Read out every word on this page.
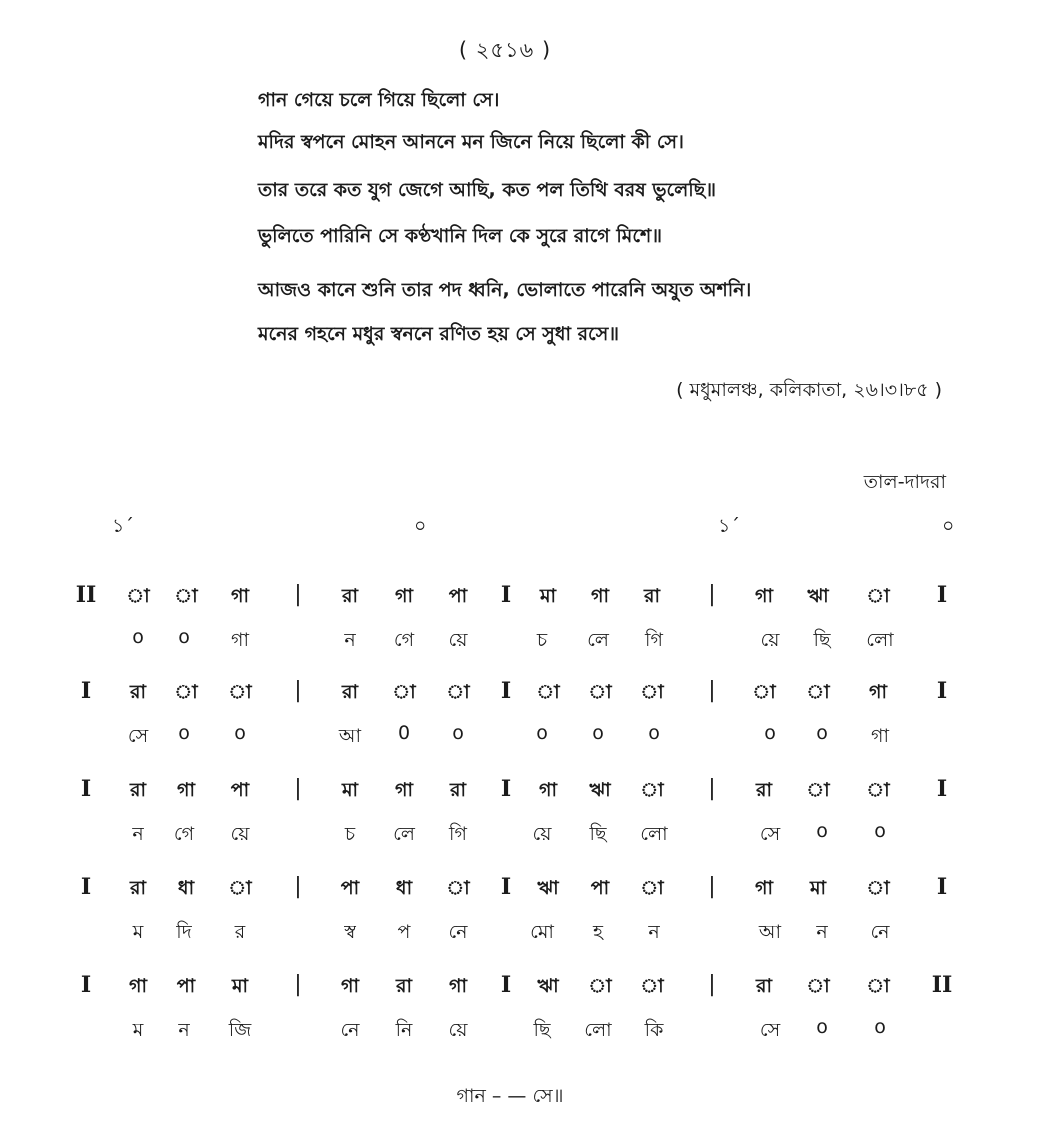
( ২৫১৬ )
গান গেয়ে চলে গিয়ে ছিলো সে।
মদির স্বপনে মোহন আননে মন জিনে নিয়ে ছিলো কী সে।
তার তরে কত যুগ জেগে আছি, কত পল তিথি বরষ ভুলেছি॥
ভুলিতে পারিনি সে কণ্ঠখানি দিল কে সুরে রাগে মিশে॥
আজও কানে শুনি তার পদ ধ্বনি, ভোলাতে পারেনি অযুত অশনি।
মনের গহনে মধুর স্বননে রণিত হয় সে সুধা রসে॥
( মধুমালঞ্চ, কলিকাতা, ২৬।৩।৮৫ )
তাল-দাদরা
১´	০	১´	০
II া া গা | রা গা পা I মা গা রা | গা ঋা া I
o o গা	ন গে য়ে	চ লে গি	য়ে ছি লো
I রা া া | রা া া I া া া | া া গা I
সে o o	আ 0 o	o o o	o o গা
I রা গা পা | মা গা রা I গা ঋা া | রা া া I
ন গে য়ে	চ লে গি	য়ে ছি লো	সে o o
I রা ধা া | পা ধা া I ঋা পা া | গা মা া I
ম দি র	স্ব প নে	মো হ ন	আ ন নে
I গা পা মা | গা রা গা I ঋা া া | রা া া II
ম ন জি	নে নি য়ে	ছি লো কি	সে o o
গান – — সে॥
